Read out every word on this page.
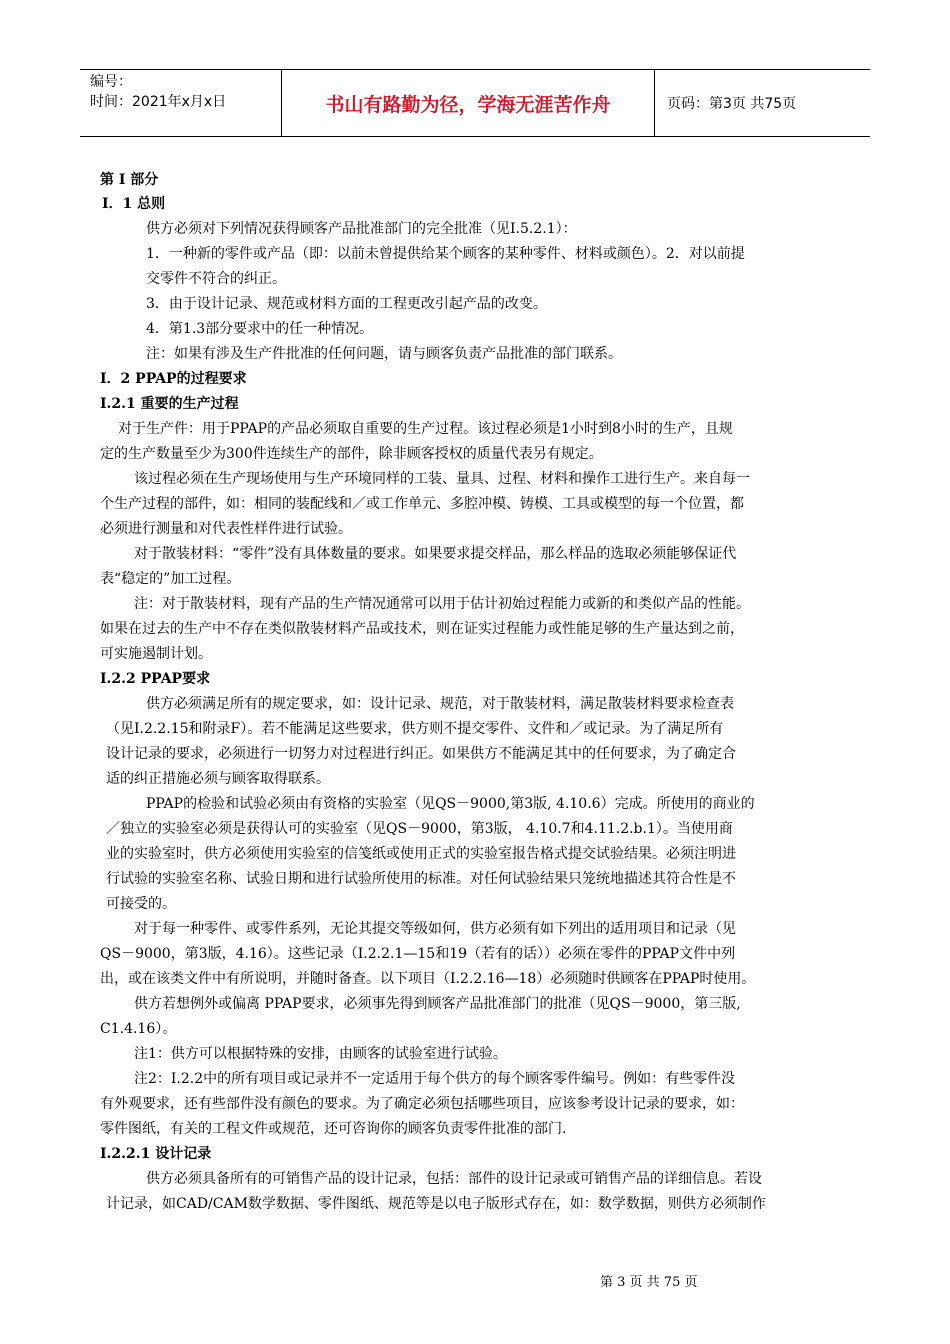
编号：
时间：2021年x月x日	书山有路勤为径，学海无涯苦作舟	页码：第3页 共75页
第 I 部分
I．1 总则
供方必须对下列情况获得顾客产品批准部门的完全批准（见I.5.2.1）：
1．一种新的零件或产品（即：以前未曾提供给某个顾客的某种零件、材料或颜色）。2．对以前提
交零件不符合的纠正。
3．由于设计记录、规范或材料方面的工程更改引起产品的改变。
4．第1.3部分要求中的任一种情况。
注：如果有涉及生产件批准的任何问题，请与顾客负责产品批准的部门联系。
I．2 PPAP的过程要求
I.2.1 重要的生产过程
对于生产件：用于PPAP的产品必须取自重要的生产过程。该过程必须是1小时到8小时的生产，且规
定的生产数量至少为300件连续生产的部件，除非顾客授权的质量代表另有规定。
该过程必须在生产现场使用与生产环境同样的工装、量具、过程、材料和操作工进行生产。来自每一
个生产过程的部件，如：相同的装配线和／或工作单元、多腔冲模、铸模、工具或模型的每一个位置，都
必须进行测量和对代表性样件进行试验。
对于散装材料：“零件”没有具体数量的要求。如果要求提交样品，那么样品的选取必须能够保证代
表“稳定的”加工过程。
注：对于散装材料，现有产品的生产情况通常可以用于估计初始过程能力或新的和类似产品的性能。
如果在过去的生产中不存在类似散装材料产品或技术，则在证实过程能力或性能足够的生产量达到之前，
可实施遏制计划。
I.2.2 PPAP要求
供方必须满足所有的规定要求，如：设计记录、规范，对于散装材料，满足散装材料要求检查表
（见I.2.2.15和附录F）。若不能满足这些要求，供方则不提交零件、文件和／或记录。为了满足所有
设计记录的要求，必须进行一切努力对过程进行纠正。如果供方不能满足其中的任何要求，为了确定合
适的纠正措施必须与顾客取得联系。
PPAP的检验和试验必须由有资格的实验室（见QS－9000,第3版, 4.10.6）完成。所使用的商业的
／独立的实验室必须是获得认可的实验室（见QS－9000，第3版， 4.10.7和4.11.2.b.1）。当使用商
业的实验室时，供方必须使用实验室的信笺纸或使用正式的实验室报告格式提交试验结果。必须注明进
行试验的实验室名称、试验日期和进行试验所使用的标准。对任何试验结果只笼统地描述其符合性是不
可接受的。
对于每一种零件、或零件系列，无论其提交等级如何，供方必须有如下列出的适用项目和记录（见
QS－9000，第3版，4.16）。这些记录（I.2.2.1—15和19（若有的话））必须在零件的PPAP文件中列
出，或在该类文件中有所说明，并随时备查。以下项目（I.2.2.16—18）必须随时供顾客在PPAP时使用。
供方若想例外或偏离 PPAP要求，必须事先得到顾客产品批准部门的批准（见QS－9000，第三版,
C1.4.16）。
注1：供方可以根据特殊的安排，由顾客的试验室进行试验。
注2：I.2.2中的所有项目或记录并不一定适用于每个供方的每个顾客零件编号。例如：有些零件没
有外观要求，还有些部件没有颜色的要求。为了确定必须包括哪些项目，应该参考设计记录的要求，如：
零件图纸，有关的工程文件或规范，还可咨询你的顾客负责零件批准的部门.
I.2.2.1 设计记录
供方必须具备所有的可销售产品的设计记录，包括：部件的设计记录或可销售产品的详细信息。若设
计记录，如CAD/CAM数学数据、零件图纸、规范等是以电子版形式存在，如：数学数据，则供方必须制作
第 3 页 共 75 页
